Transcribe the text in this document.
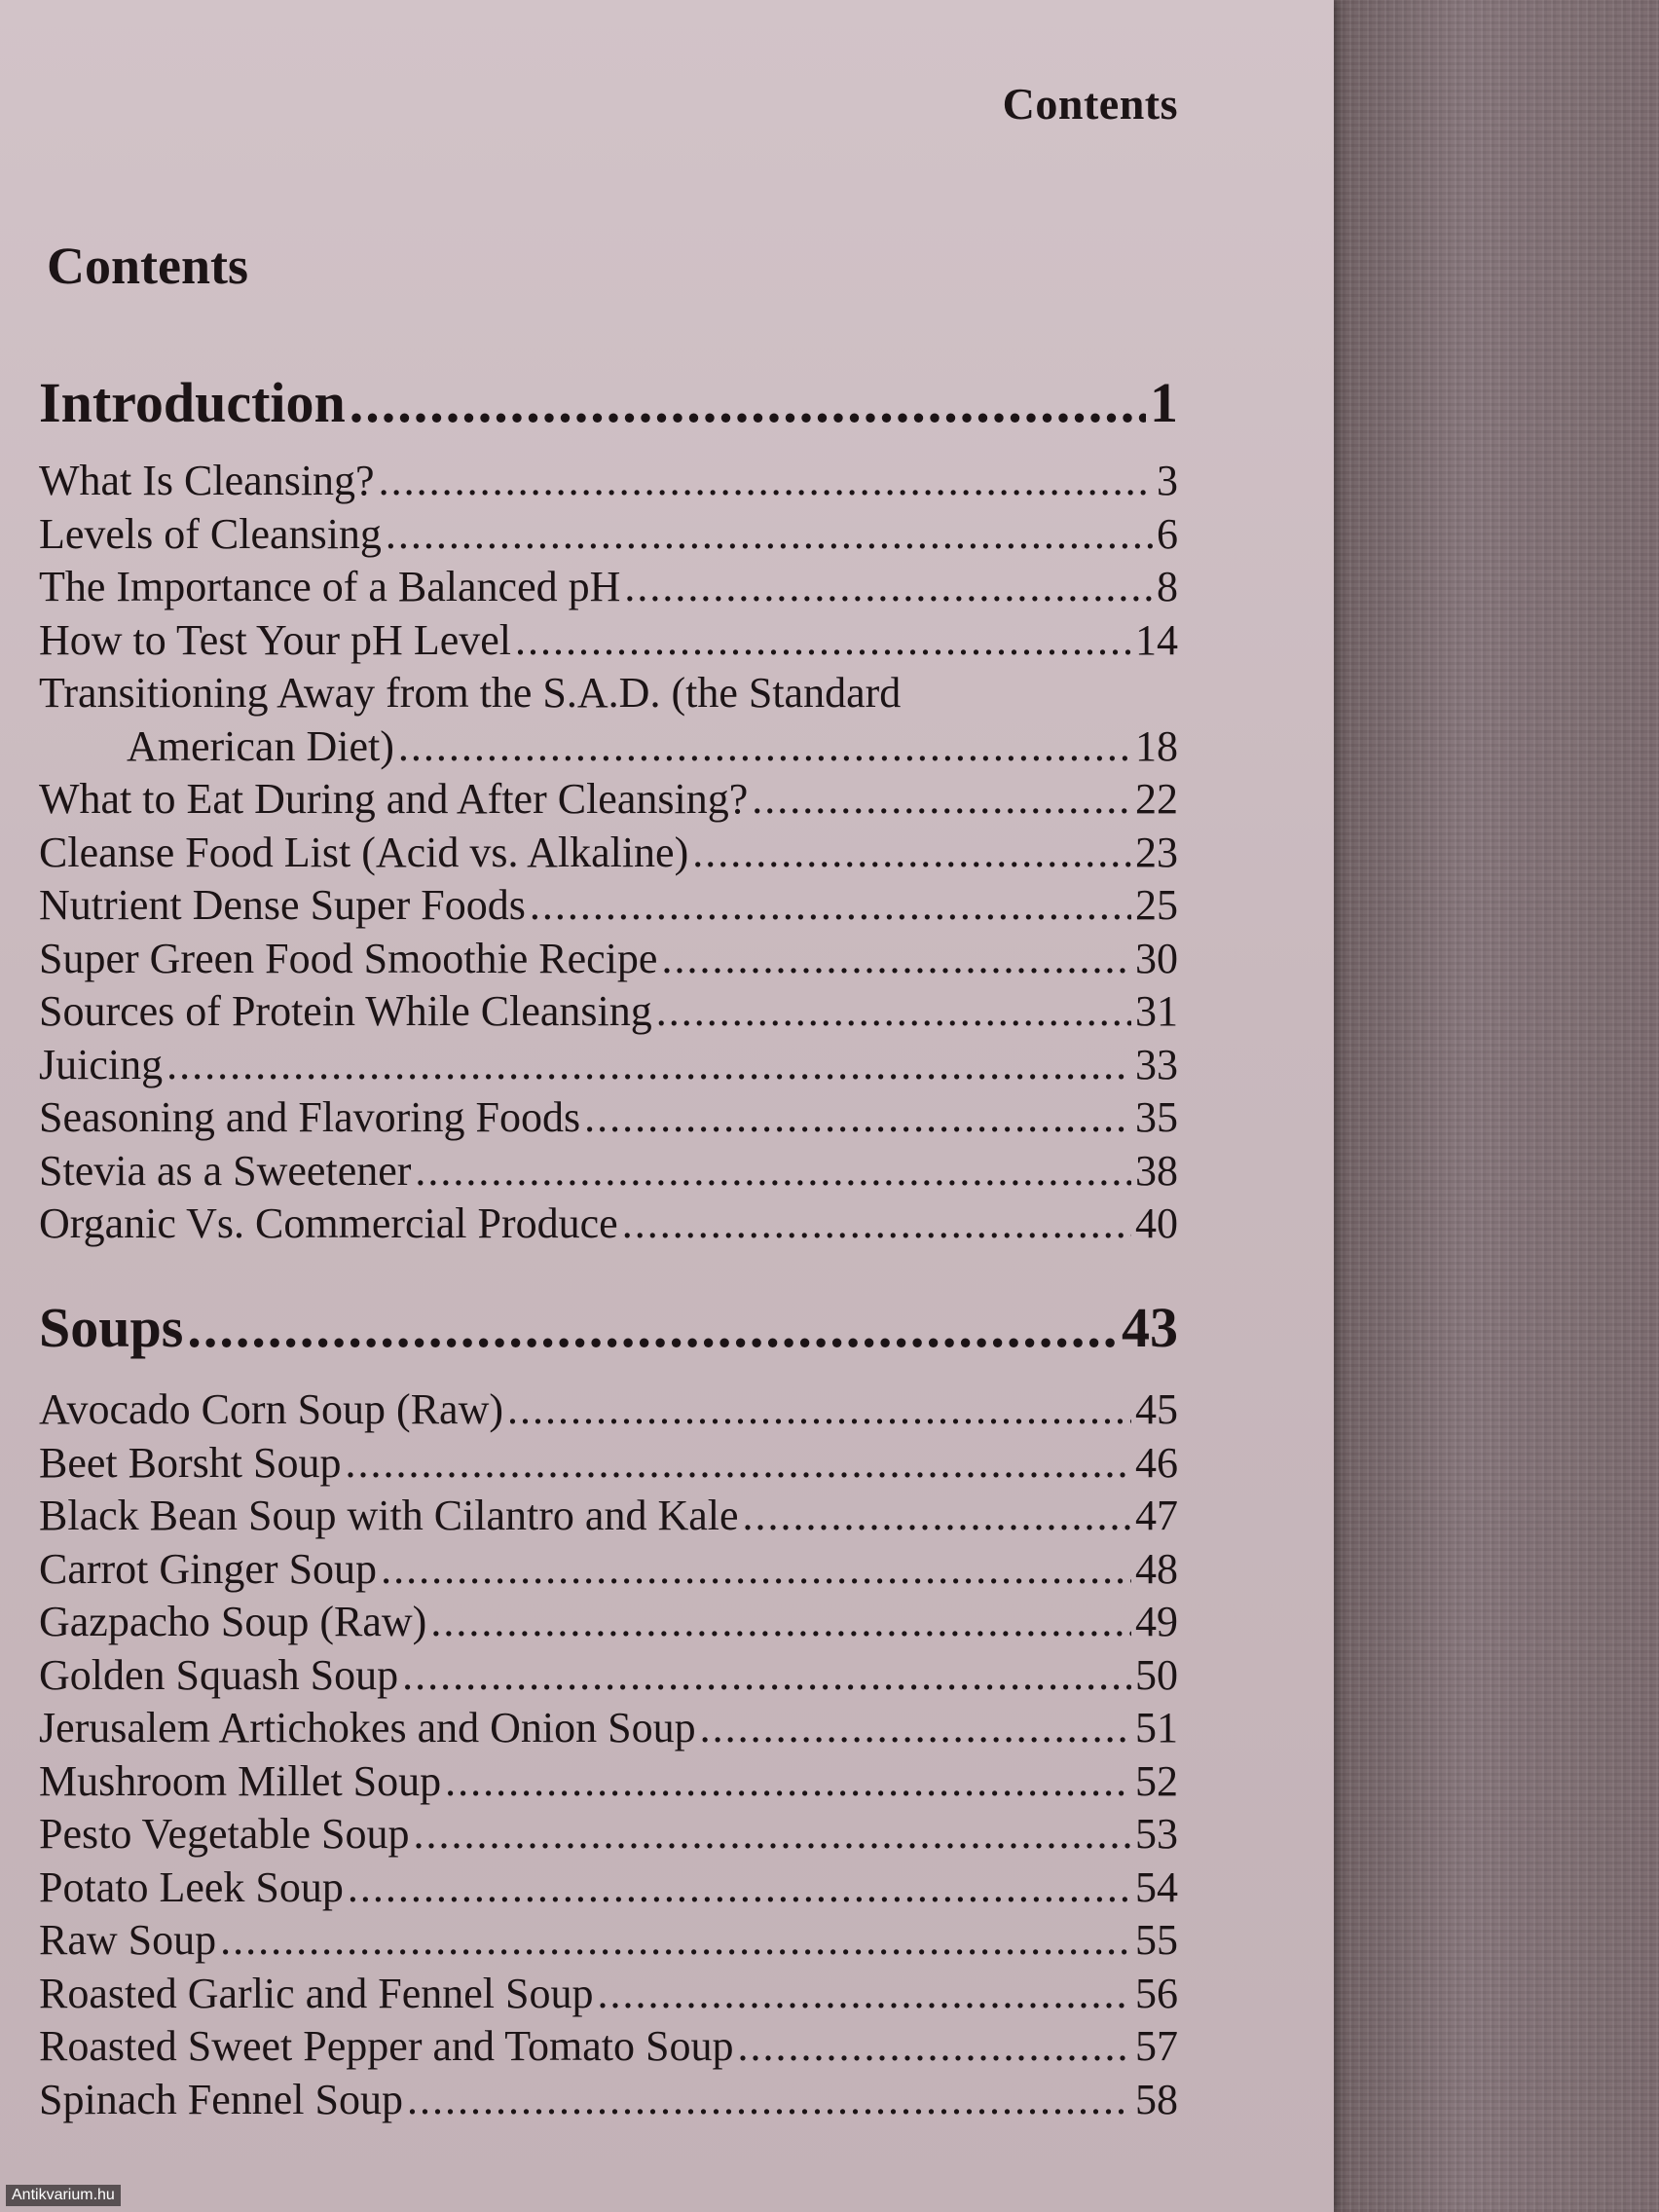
Contents
Contents
Introduction .....	1
What Is Cleansing? .....	3
Levels of Cleansing .....	6
The Importance of a Balanced pH .....	8
How to Test Your pH Level .....	14
Transitioning Away from the S.A.D. (the Standard
American Diet) .....	18
What to Eat During and After Cleansing? .....	22
Cleanse Food List (Acid vs. Alkaline) .....	23
Nutrient Dense Super Foods .....	25
Super Green Food Smoothie Recipe .....	30
Sources of Protein While Cleansing .....	31
Juicing .....	33
Seasoning and Flavoring Foods .....	35
Stevia as a Sweetener .....	38
Organic Vs. Commercial Produce .....	40
Soups .....	43
Avocado Corn Soup (Raw) .....	45
Beet Borsht Soup .....	46
Black Bean Soup with Cilantro and Kale .....	47
Carrot Ginger Soup .....	48
Gazpacho Soup (Raw) .....	49
Golden Squash Soup .....	50
Jerusalem Artichokes and Onion Soup .....	51
Mushroom Millet Soup .....	52
Pesto Vegetable Soup .....	53
Potato Leek Soup .....	54
Raw Soup .....	55
Roasted Garlic and Fennel Soup .....	56
Roasted Sweet Pepper and Tomato Soup .....	57
Spinach Fennel Soup .....	58
Antikvarium.hu
